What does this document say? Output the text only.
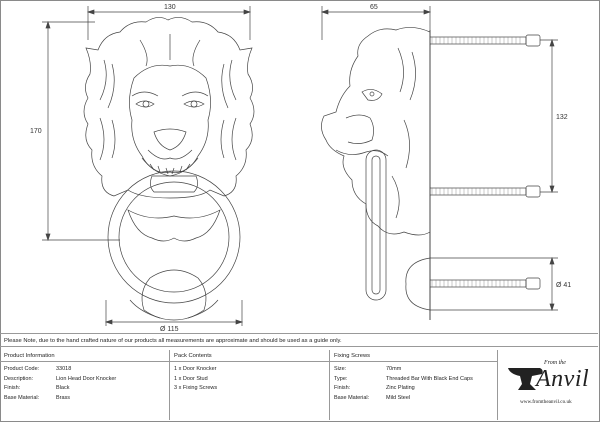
130
170
Ø 115
65
132
Ø 41
Please Note, due to the hand crafted nature of our products all measurements are approximate and should be used as a guide only.
Product Information
Product Code:	33018
Description:	Lion Head Door Knocker
Finish:	Black
Base Material:	Brass
Pack Contents
1 x Door Knocker
1 x Door Stud
3 x Fixing Screws
Fixing Screws
Size:	70mm
Type:	Threaded Bar With Black End Caps
Finish:	Zinc Plating
Base Material:	Mild Steel
From the
Anvil
www.fromtheanvil.co.uk
